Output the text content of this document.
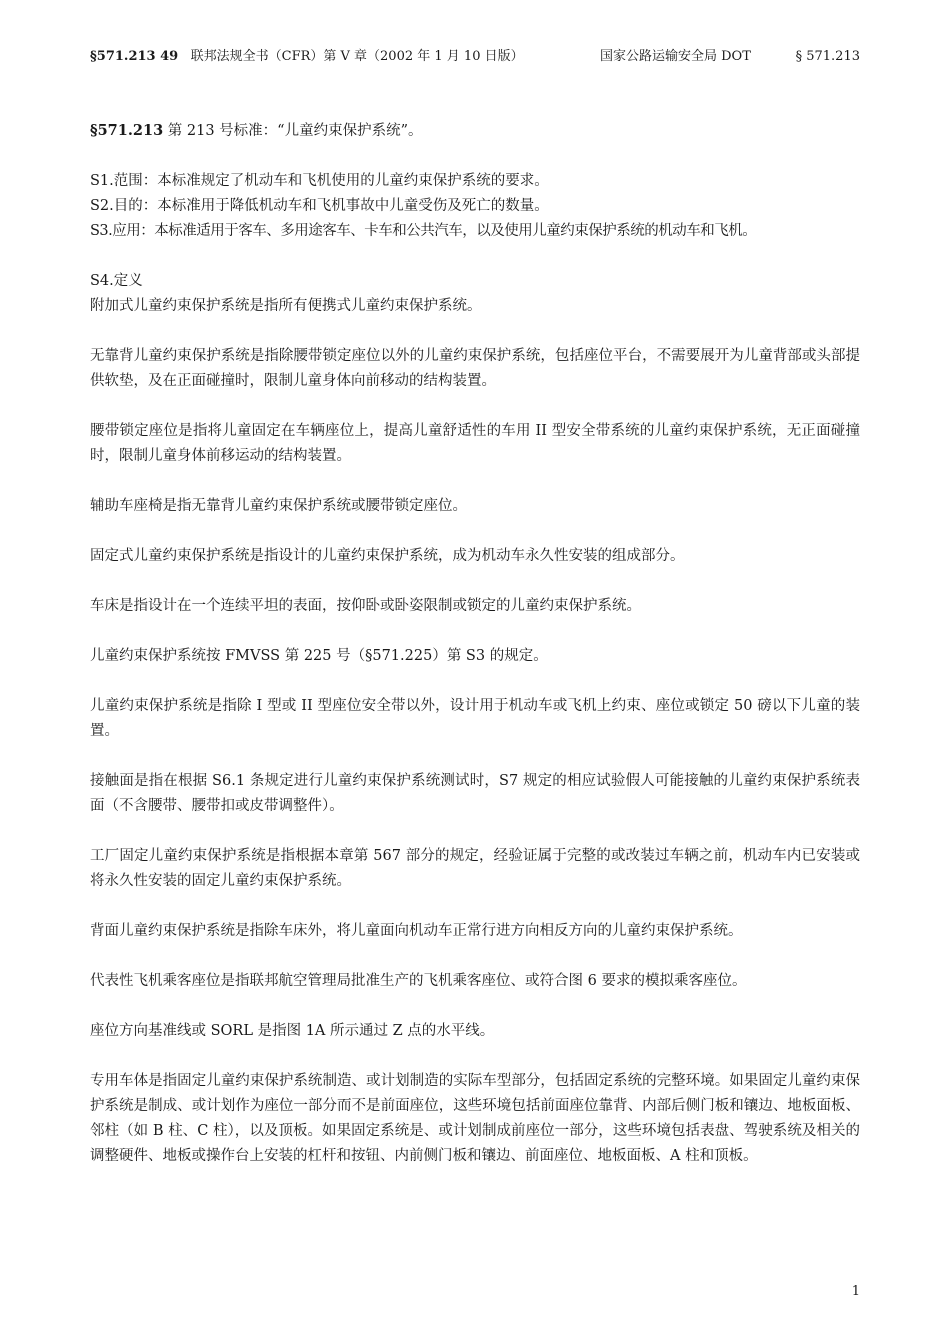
§571.213 49 联邦法规全书（CFR）第 V 章（2002 年 1 月 10 日版）	国家公路运输安全局 DOT	§ 571.213

§571.213 第 213 号标准：“儿童约束保护系统”。

S1.范围：本标准规定了机动车和飞机使用的儿童约束保护系统的要求。

S2.目的：本标准用于降低机动车和飞机事故中儿童受伤及死亡的数量。

S3.应用：本标准适用于客车、多用途客车、卡车和公共汽车，以及使用儿童约束保护系统的机动车和飞机。

S4.定义

附加式儿童约束保护系统是指所有便携式儿童约束保护系统。

无靠背儿童约束保护系统是指除腰带锁定座位以外的儿童约束保护系统，包括座位平台，不需要展开为儿童背部或头部提供软垫，及在正面碰撞时，限制儿童身体向前移动的结构装置。

腰带锁定座位是指将儿童固定在车辆座位上，提高儿童舒适性的车用 II 型安全带系统的儿童约束保护系统，无正面碰撞时，限制儿童身体前移运动的结构装置。

辅助车座椅是指无靠背儿童约束保护系统或腰带锁定座位。

固定式儿童约束保护系统是指设计的儿童约束保护系统，成为机动车永久性安装的组成部分。

车床是指设计在一个连续平坦的表面，按仰卧或卧姿限制或锁定的儿童约束保护系统。

儿童约束保护系统按 FMVSS 第 225 号（§571.225）第 S3 的规定。

儿童约束保护系统是指除 I 型或 II 型座位安全带以外，设计用于机动车或飞机上约束、座位或锁定 50 磅以下儿童的装置。

接触面是指在根据 S6.1 条规定进行儿童约束保护系统测试时，S7 规定的相应试验假人可能接触的儿童约束保护系统表面（不含腰带、腰带扣或皮带调整件）。

工厂固定儿童约束保护系统是指根据本章第 567 部分的规定，经验证属于完整的或改装过车辆之前，机动车内已安装或将永久性安装的固定儿童约束保护系统。

背面儿童约束保护系统是指除车床外，将儿童面向机动车正常行进方向相反方向的儿童约束保护系统。

代表性飞机乘客座位是指联邦航空管理局批准生产的飞机乘客座位、或符合图 6 要求的模拟乘客座位。

座位方向基准线或 SORL 是指图 1A 所示通过 Z 点的水平线。

专用车体是指固定儿童约束保护系统制造、或计划制造的实际车型部分，包括固定系统的完整环境。如果固定儿童约束保护系统是制成、或计划作为座位一部分而不是前面座位，这些环境包括前面座位靠背、内部后侧门板和镶边、地板面板、邻柱（如 B 柱、C 柱），以及顶板。如果固定系统是、或计划制成前座位一部分，这些环境包括表盘、驾驶系统及相关的调整硬件、地板或操作台上安装的杠杆和按钮、内前侧门板和镶边、前面座位、地板面板、A 柱和顶板。

1
